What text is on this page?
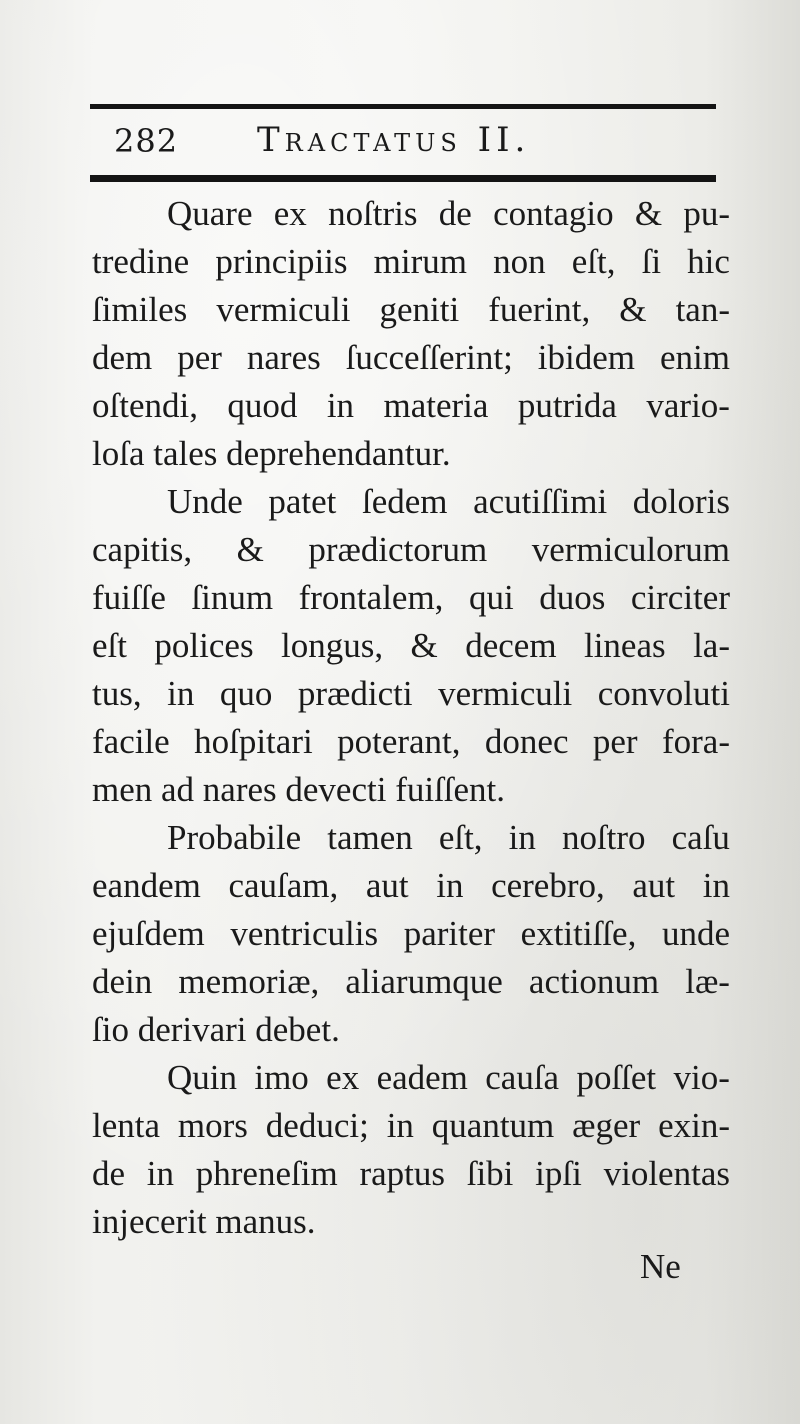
282 Tractatus II.
Quare ex noſtris de contagio & pu-
tredine principiis mirum non eſt, ſi hic
ſimiles vermiculi geniti fuerint, & tan-
dem per nares ſucceſſerint; ibidem enim
oſtendi, quod in materia putrida vario-
loſa tales deprehendantur.
Unde patet ſedem acutiſſimi doloris
capitis, & prædictorum vermiculorum
fuiſſe ſinum frontalem, qui duos circiter
eſt polices longus, & decem lineas la-
tus, in quo prædicti vermiculi convoluti
facile hoſpitari poterant, donec per fora-
men ad nares devecti fuiſſent.
Probabile tamen eſt, in noſtro caſu
eandem cauſam, aut in cerebro, aut in
ejuſdem ventriculis pariter extitiſſe, unde
dein memoriæ, aliarumque actionum læ-
ſio derivari debet.
Quin imo ex eadem cauſa poſſet vio-
lenta mors deduci; in quantum æger exin-
de in phreneſim raptus ſibi ipſi violentas
injecerit manus.
Ne
